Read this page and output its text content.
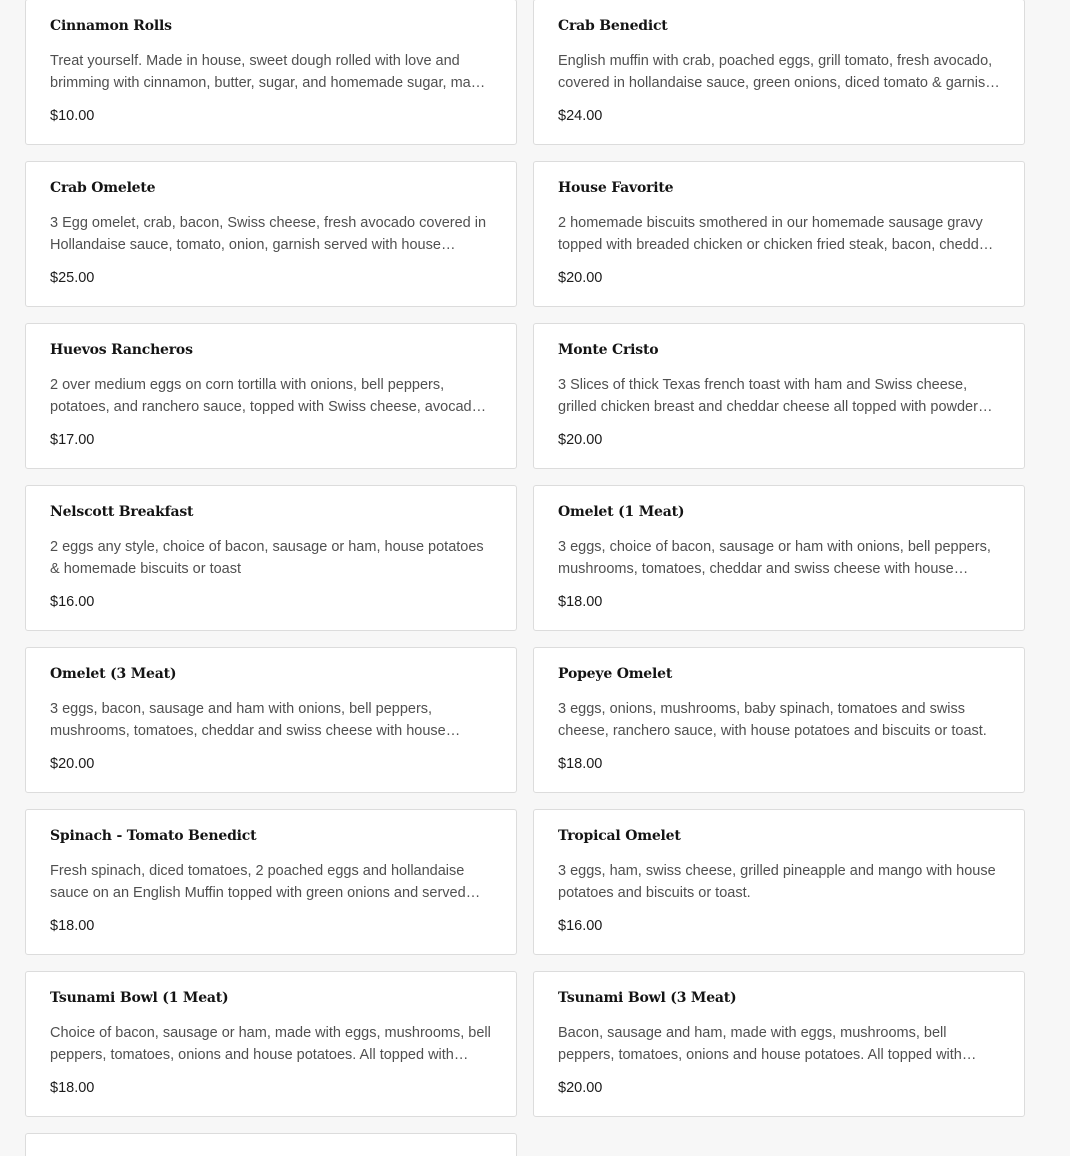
Cinnamon Rolls
Treat yourself. Made in house, sweet dough rolled with love and brimming with cinnamon, butter, sugar, and homemade sugar, made
$10.00
Crab Benedict
English muffin with crab, poached eggs, grill tomato, fresh avocado, covered in hollandaise sauce, green onions, diced tomato & garnish,
$24.00
Crab Omelete
3 Egg omelet, crab, bacon, Swiss cheese, fresh avocado covered in Hollandaise sauce, tomato, onion, garnish served with house
$25.00
House Favorite
2 homemade biscuits smothered in our homemade sausage gravy topped with breaded chicken or chicken fried steak, bacon, cheddar
$20.00
Huevos Rancheros
2 over medium eggs on corn tortilla with onions, bell peppers, potatoes, and ranchero sauce, topped with Swiss cheese, avocado,
$17.00
Monte Cristo
3 Slices of thick Texas french toast with ham and Swiss cheese, grilled chicken breast and cheddar cheese all topped with powdered
$20.00
Nelscott Breakfast
2 eggs any style, choice of bacon, sausage or ham, house potatoes & homemade biscuits or toast
$16.00
Omelet (1 Meat)
3 eggs, choice of bacon, sausage or ham with onions, bell peppers, mushrooms, tomatoes, cheddar and swiss cheese with house
$18.00
Omelet (3 Meat)
3 eggs, bacon, sausage and ham with onions, bell peppers, mushrooms, tomatoes, cheddar and swiss cheese with house
$20.00
Popeye Omelet
3 eggs, onions, mushrooms, baby spinach, tomatoes and swiss cheese, ranchero sauce, with house potatoes and biscuits or toast.
$18.00
Spinach - Tomato Benedict
Fresh spinach, diced tomatoes, 2 poached eggs and hollandaise sauce on an English Muffin topped with green onions and served
$18.00
Tropical Omelet
3 eggs, ham, swiss cheese, grilled pineapple and mango with house potatoes and biscuits or toast.
$16.00
Tsunami Bowl (1 Meat)
Choice of bacon, sausage or ham, made with eggs, mushrooms, bell peppers, tomatoes, onions and house potatoes. All topped with
$18.00
Tsunami Bowl (3 Meat)
Bacon, sausage and ham, made with eggs, mushrooms, bell peppers, tomatoes, onions and house potatoes. All topped with
$20.00
